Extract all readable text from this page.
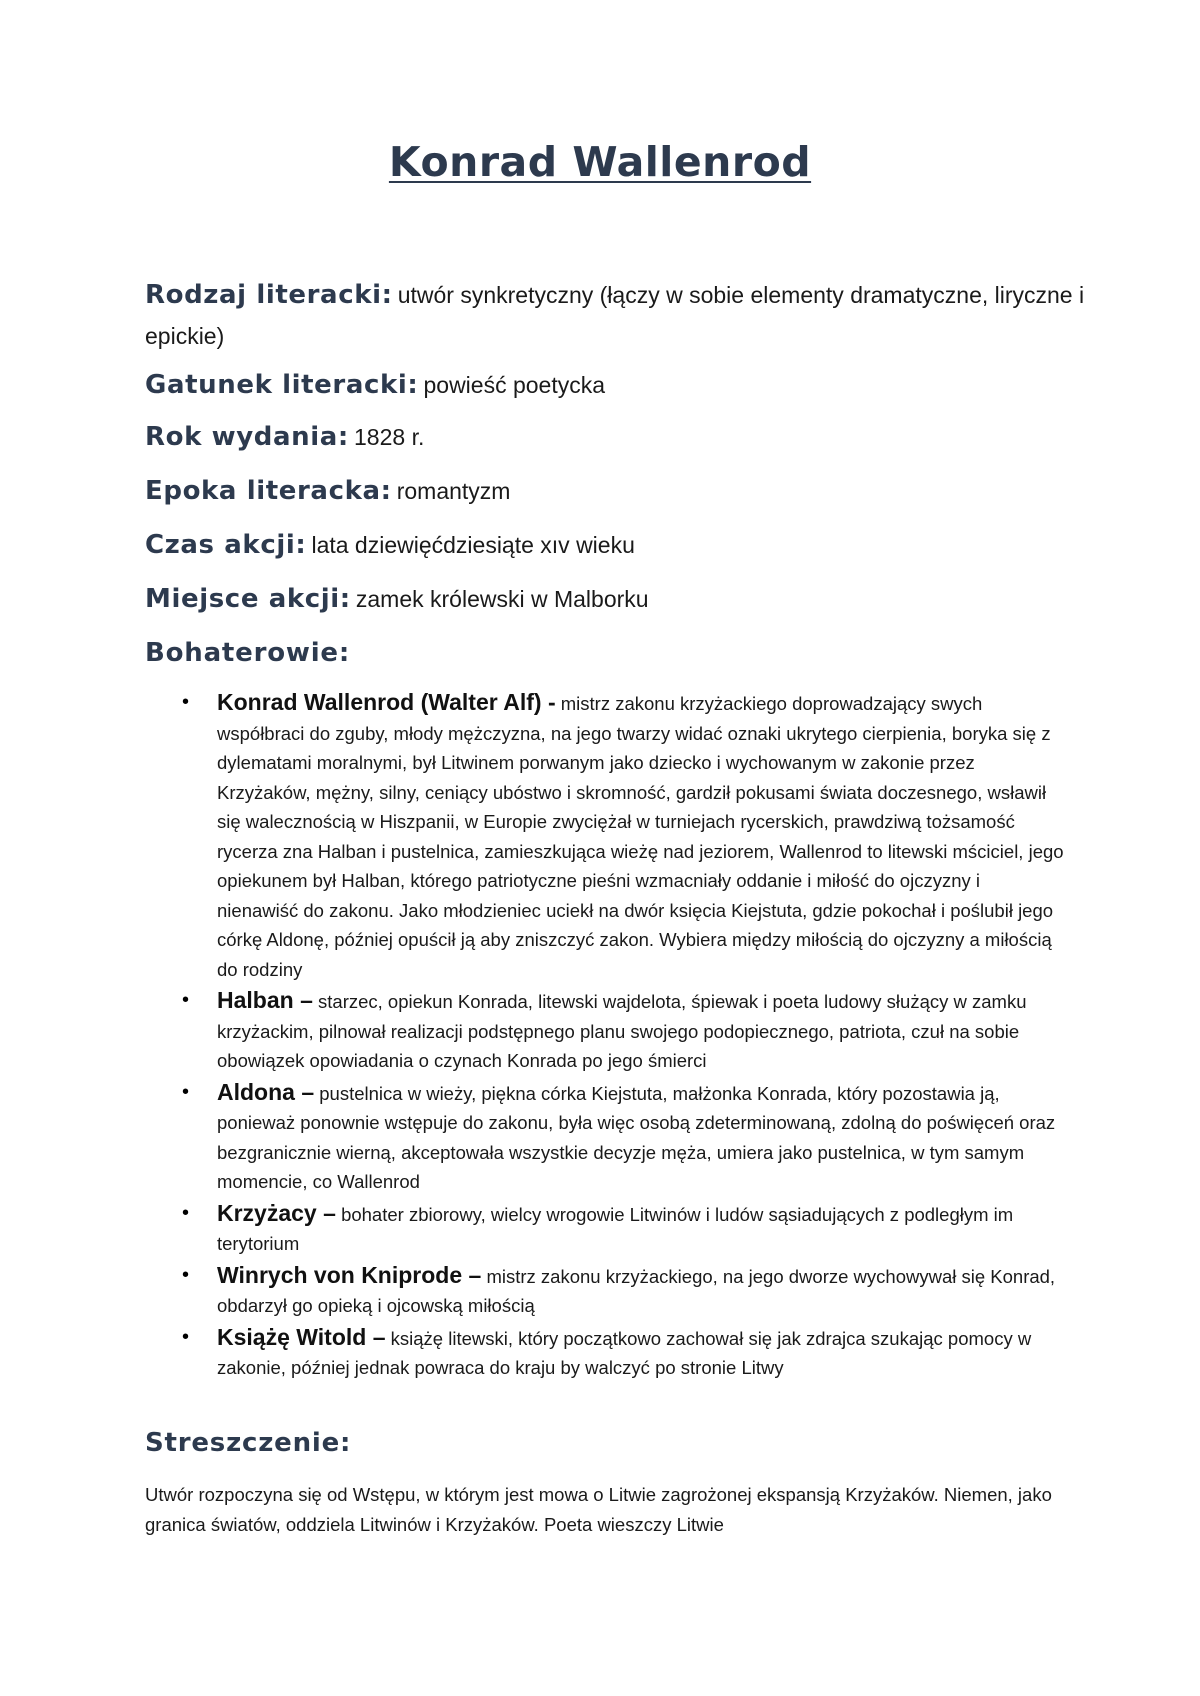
Konrad Wallenrod

Rodzaj literacki: utwór synkretyczny (łączy w sobie elementy dramatyczne, liryczne i epickie)

Gatunek literacki: powieść poetycka

Rok wydania: 1828 r.

Epoka literacka: romantyzm

Czas akcji: lata dziewięćdziesiąte xıv wieku

Miejsce akcji: zamek królewski w Malborku

Bohaterowie:
• Konrad Wallenrod (Walter Alf) - mistrz zakonu krzyżackiego doprowadzający swych współbraci do zguby, młody mężczyzna, na jego twarzy widać oznaki ukrytego cierpienia, boryka się z dylematami moralnymi, był Litwinem porwanym jako dziecko i wychowanym w zakonie przez Krzyżaków, mężny, silny, ceniący ubóstwo i skromność, gardził pokusami świata doczesnego, wsławił się walecznością w Hiszpanii, w Europie zwyciężał w turniejach rycerskich, prawdziwą tożsamość rycerza zna Halban i pustelnica, zamieszkująca wieżę nad jeziorem, Wallenrod to litewski mściciel, jego opiekunem był Halban, którego patriotyczne pieśni wzmacniały oddanie i miłość do ojczyzny i nienawiść do zakonu. Jako młodzieniec uciekł na dwór księcia Kiejstuta, gdzie pokochał i poślubił jego córkę Aldonę, później opuścił ją aby zniszczyć zakon. Wybiera między miłością do ojczyzny a miłością do rodziny
• Halban – starzec, opiekun Konrada, litewski wajdelota, śpiewak i poeta ludowy służący w zamku krzyżackim, pilnował realizacji podstępnego planu swojego podopiecznego, patriota, czuł na sobie obowiązek opowiadania o czynach Konrada po jego śmierci
• Aldona – pustelnica w wieży, piękna córka Kiejstuta, małżonka Konrada, który pozostawia ją, ponieważ ponownie wstępuje do zakonu, była więc osobą zdeterminowaną, zdolną do poświęceń oraz bezgranicznie wierną, akceptowała wszystkie decyzje męża, umiera jako pustelnica, w tym samym momencie, co Wallenrod
• Krzyżacy – bohater zbiorowy, wielcy wrogowie Litwinów i ludów sąsiadujących z podległym im terytorium
• Winrych von Kniprode – mistrz zakonu krzyżackiego, na jego dworze wychowywał się Konrad, obdarzył go opieką i ojcowską miłością
• Książę Witold – książę litewski, który początkowo zachował się jak zdrajca szukając pomocy w zakonie, później jednak powraca do kraju by walczyć po stronie Litwy
Streszczenie:

Utwór rozpoczyna się od Wstępu, w którym jest mowa o Litwie zagrożonej ekspansją Krzyżaków. Niemen, jako granica światów, oddziela Litwinów i Krzyżaków. Poeta wieszczy Litwie
